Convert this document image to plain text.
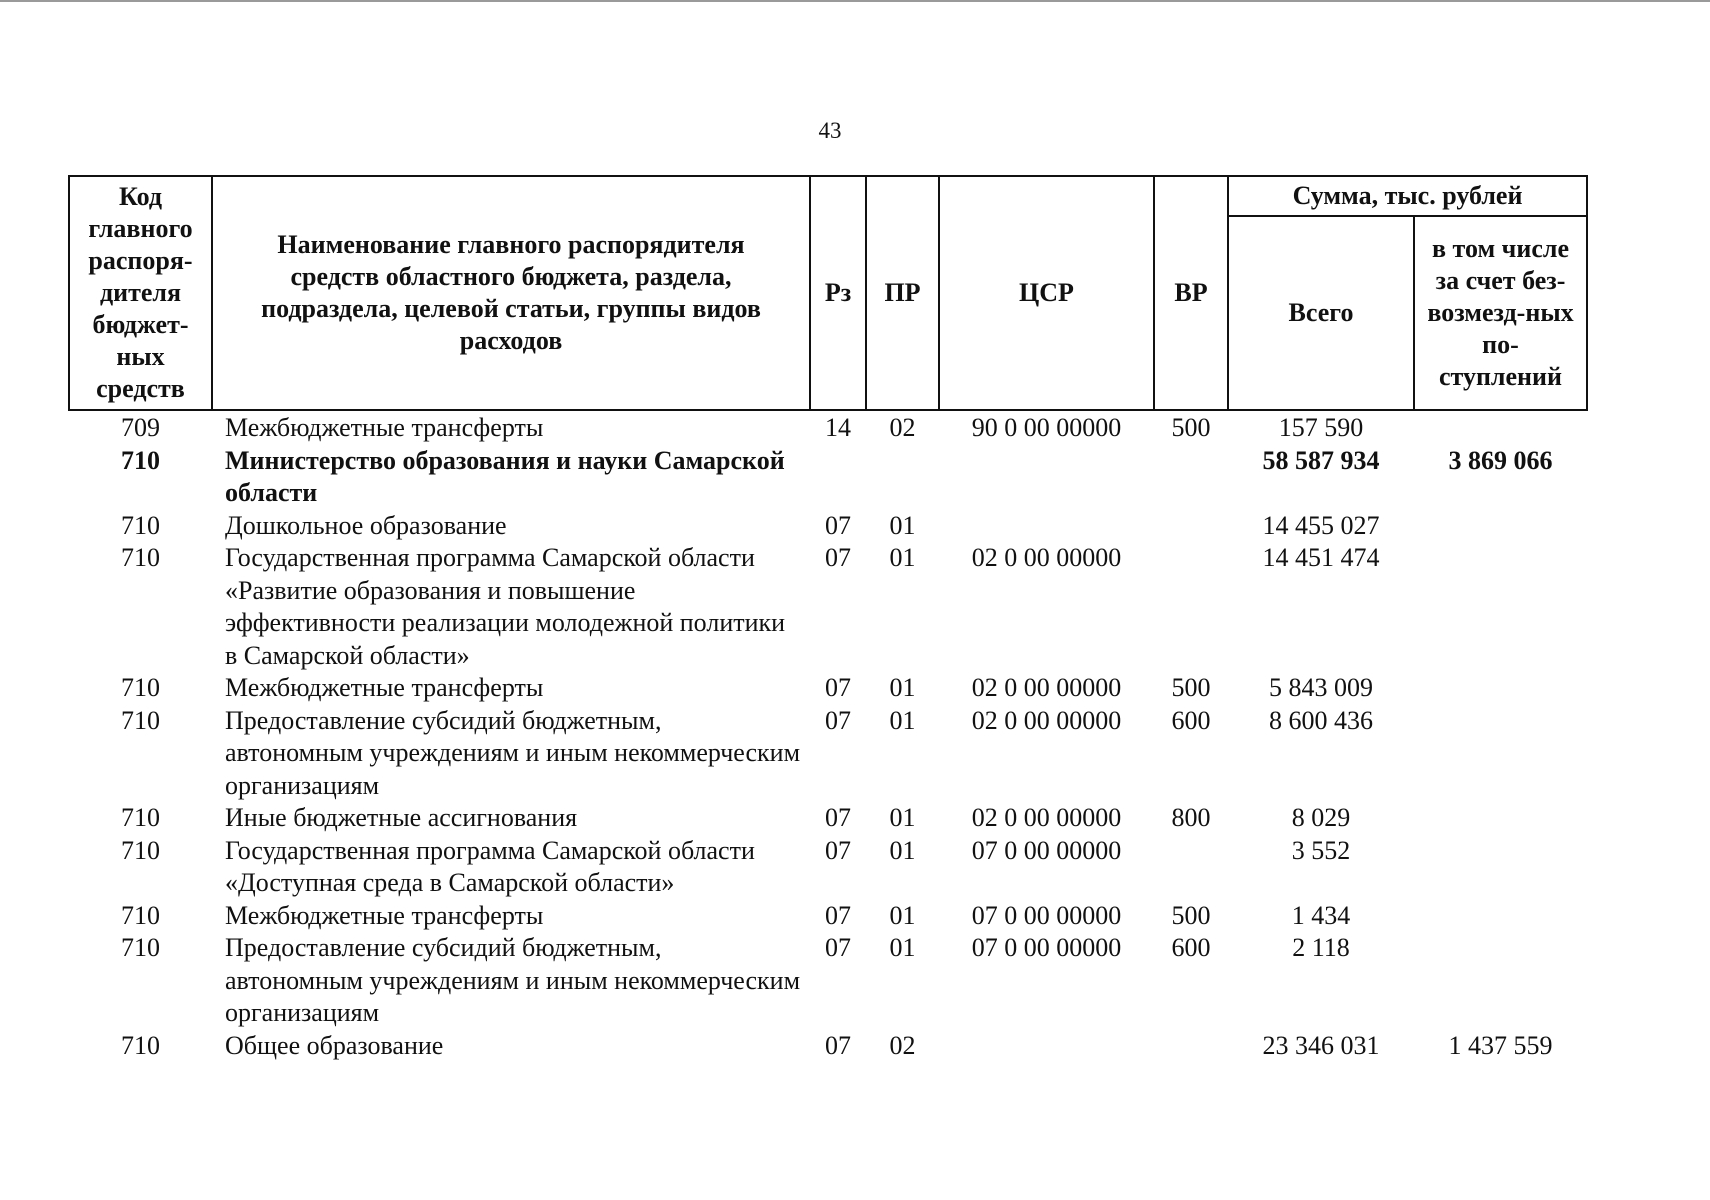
43
Код главного распоря-дителя бюджет-ных средств	Наименование главного распорядителя средств областного бюджета, раздела, подраздела, целевой статьи, группы видов расходов	Рз	ПР	ЦСР	ВР	Сумма, тыс. рублей	
						Всего	в том числе за счет без-возмезд-ных по-ступлений
709	Межбюджетные трансферты	14	02	90 0 00 00000	500	157 590	
710	Министерство образования и науки Самарской области					58 587 934	3 869 066
710	Дошкольное образование	07	01			14 455 027	
710	Государственная программа Самарской области «Развитие образования и повышение эффективности реализации молодежной политики в Самарской области»	07	01	02 0 00 00000		14 451 474	
710	Межбюджетные трансферты	07	01	02 0 00 00000	500	5 843 009	
710	Предоставление субсидий бюджетным, автономным учреждениям и иным некоммерческим организациям	07	01	02 0 00 00000	600	8 600 436	
710	Иные бюджетные ассигнования	07	01	02 0 00 00000	800	8 029	
710	Государственная программа Самарской области «Доступная среда в Самарской области»	07	01	07 0 00 00000		3 552	
710	Межбюджетные трансферты	07	01	07 0 00 00000	500	1 434	
710	Предоставление субсидий бюджетным, автономным учреждениям и иным некоммерческим организациям	07	01	07 0 00 00000	600	2 118	
710	Общее образование	07	02			23 346 031	1 437 559
